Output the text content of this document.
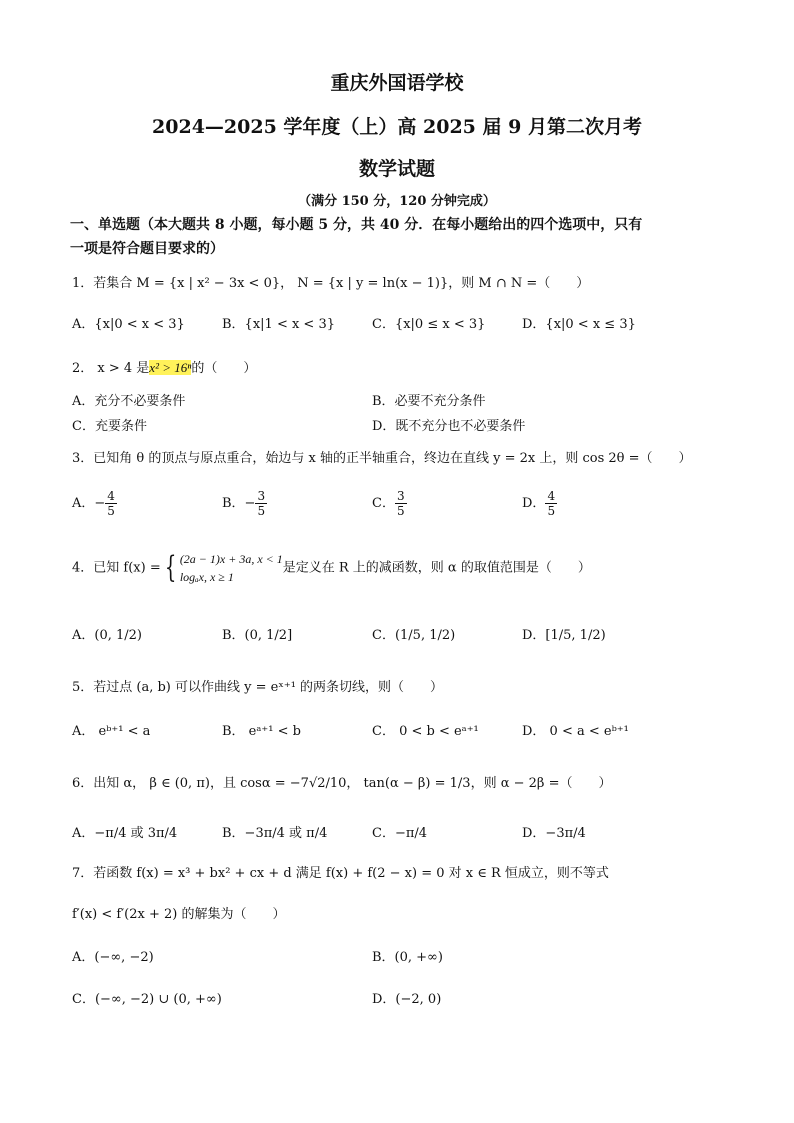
重庆外国语学校
2024—2025 学年度（上）高 2025 届 9 月第二次月考
数学试题
（满分 150 分，120 分钟完成）
一、单选题（本大题共 8 小题，每小题 5 分，共 40 分．在每小题给出的四个选项中，只有
一项是符合题目要求的）
1．若集合 M = {x | x² − 3x < 0}， N = {x | y = ln(x − 1)}，则 M ∩ N =（　　）
A．{x|0 < x < 3}	B．{x|1 < x < 3}	C．{x|0 ≤ x < 3}	D．{x|0 < x ≤ 3}
2． x > 4 是x² > 16ⁿ的（　　）
A．充分不必要条件	B．必要不充分条件
C．充要条件	D．既不充分也不必要条件
3．已知角 θ 的顶点与原点重合，始边与 x 轴的正半轴重合，终边在直线 y = 2x 上，则 cos 2θ =（　　）
A．− $\frac{4}{5}$	B．− $\frac{3}{5}$	C． $\frac{3}{5}$	D． $\frac{4}{5}$
4．已知 f(x) = { (2a − 1)x + 3a, x < 1
logₐx, x ≥ 1
是定义在 R 上的减函数，则 α 的取值范围是（　　）
A．(0, 1/2)	B．(0, 1/2]	C．(1/5, 1/2)	D．[1/5, 1/2)
5．若过点 (a, b) 可以作曲线 y = eˣ⁺¹ 的两条切线，则（　　）
A． eᵇ⁺¹ < a	B． eᵃ⁺¹ < b	C． 0 < b < eᵃ⁺¹	D． 0 < a < eᵇ⁺¹
6．出知 α， β ∈ (0, π)，且 cosα = −7√2/10， tan(α − β) = 1/3，则 α − 2β =（　　）
A．−π/4 或 3π/4	B．−3π/4 或 π/4	C．−π/4	D．−3π/4
7．若函数 f(x) = x³ + bx² + cx + d 满足 f(x) + f(2 − x) = 0 对 x ∈ R 恒成立，则不等式
f′(x) < f′(2x + 2) 的解集为（　　）
A．(−∞, −2)	B．(0, +∞)
C．(−∞, −2) ∪ (0, +∞)	D．(−2, 0)
